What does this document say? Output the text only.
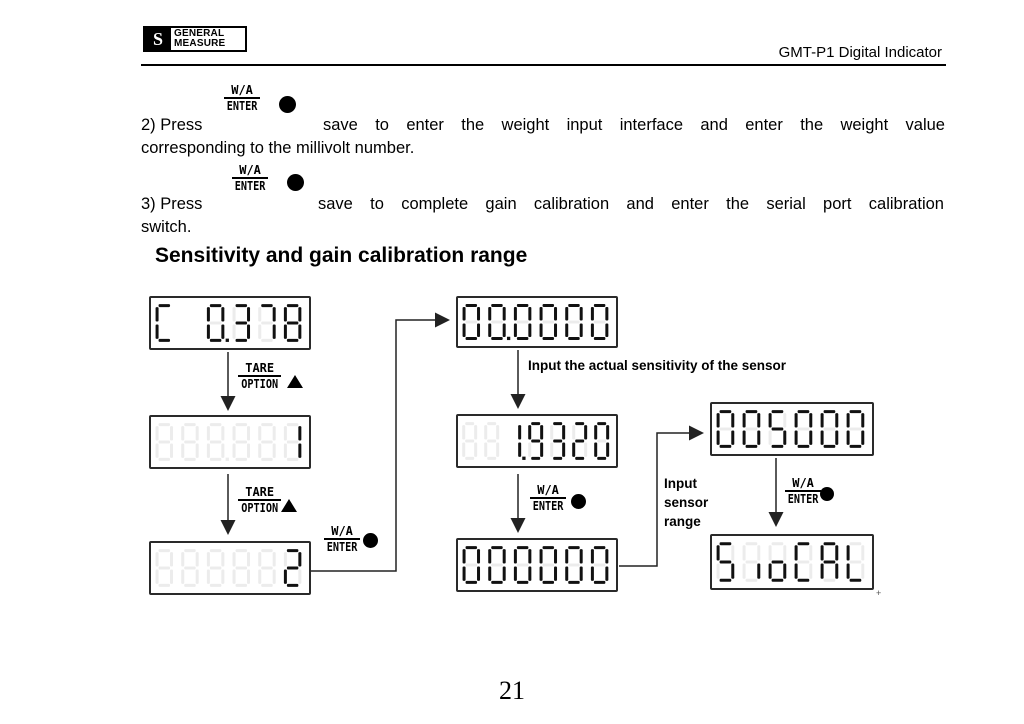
S	GENERAL
MEASURE
GMT-P1 Digital Indicator
W/A
ENTER
2) Press	save to enter the weight input interface and enter the weight value
corresponding to the millivolt number.
W/A
ENTER
3) Press	save to complete gain calibration and enter the serial port calibration
switch.
Sensitivity and gain calibration range
TARE
OPTION
TARE
OPTION
W/A
ENTER
W/A
ENTER
W/A
ENTER
Input the actual sensitivity of the sensor
Input
sensor
range
+
21
